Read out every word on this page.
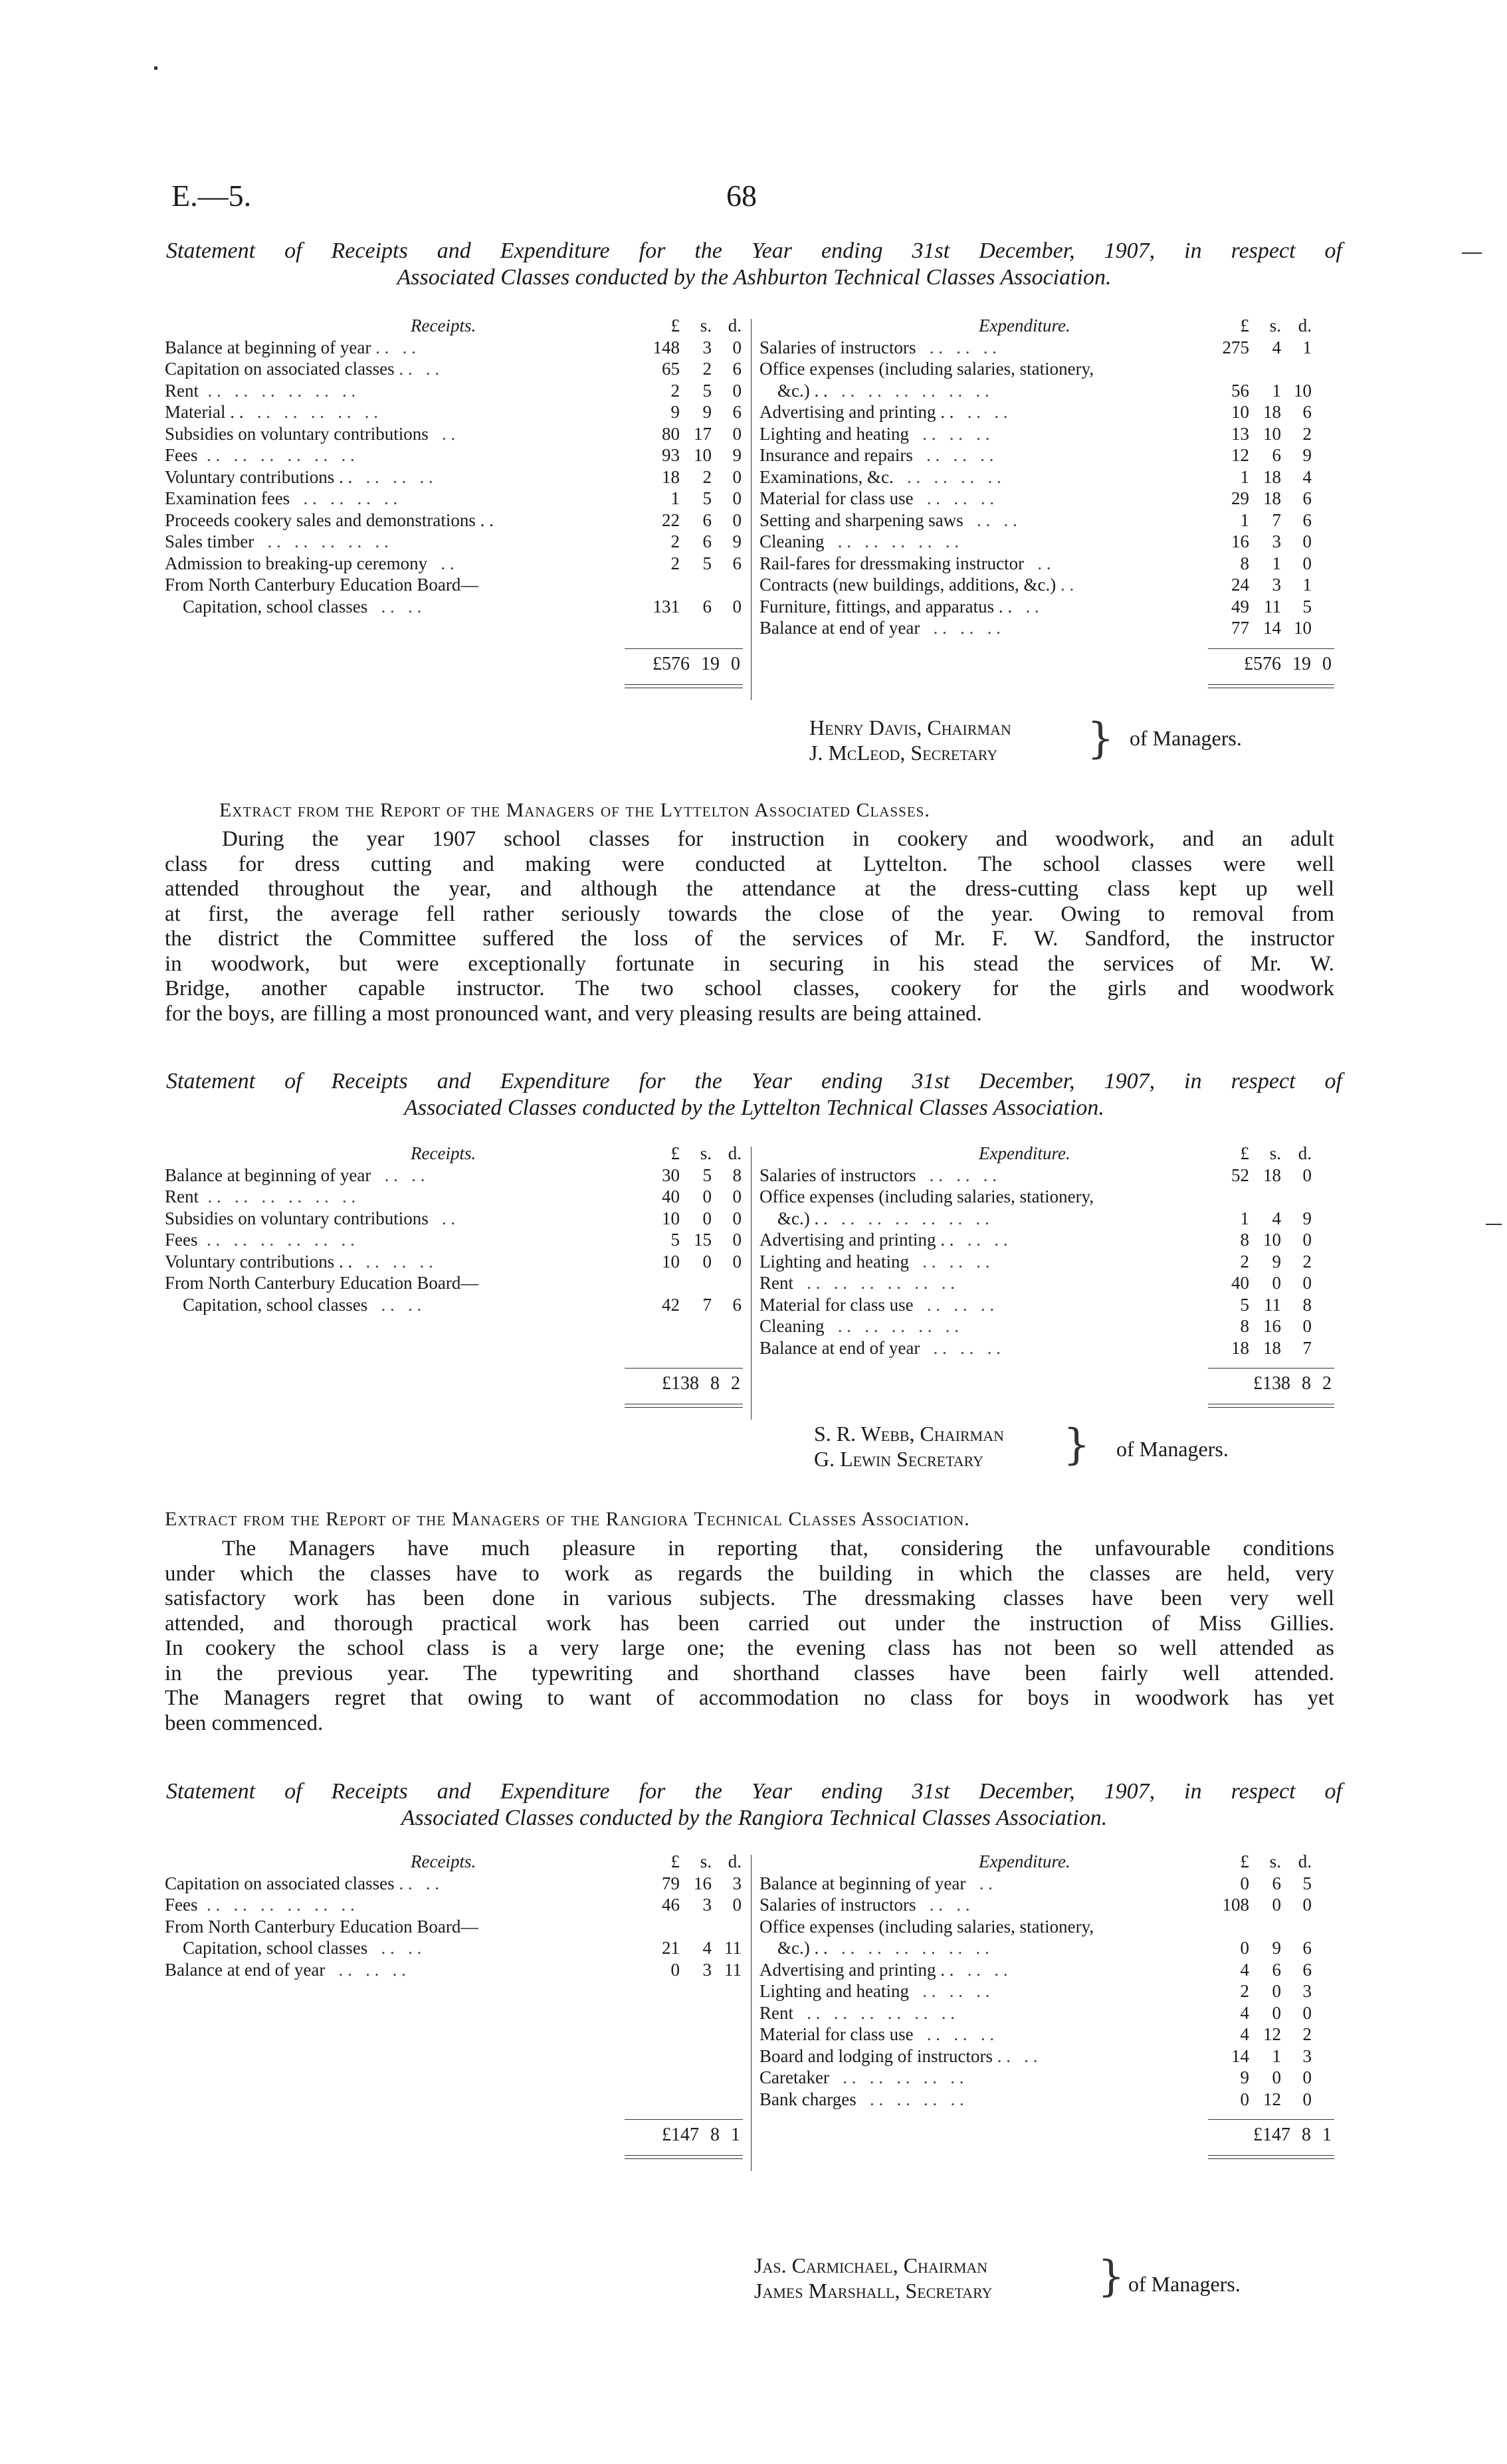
E.—5.	68
Statement of Receipts and Expenditure for the Year ending 31st December, 1907, in respect of
Associated Classes conducted by the Ashburton Technical Classes Association.
Receipts.	£ s. d.
Balance at beginning of year . .   . .	148 3 0
Capitation on associated classes . .   . .	65 2 6
Rent  . .   . .   . .   . .   . .   . .	2 5 0
Material . .   . .   . .   . .   . .   . .	9 9 6
Subsidies on voluntary contributions   . .	80 17 0
Fees  . .   . .   . .   . .   . .   . .	93 10 9
Voluntary contributions . .   . .   . .   . .	18 2 0
Examination fees   . .   . .   . .   . .	1 5 0
Proceeds cookery sales and demonstrations . .	22 6 0
Sales timber   . .   . .   . .   . .   . .	2 6 9
Admission to breaking-up ceremony   . .	2 5 6
From North Canterbury Education Board—
 Capitation, school classes   . .   . .	131 6 0
Expenditure.	£ s. d.
Salaries of instructors   . .   . .   . .	275 4 1
Office expenses (including salaries, stationery,
 &c.) . .   . .   . .   . .   . .   . .   . .	56 1 10
Advertising and printing . .   . .   . .	10 18 6
Lighting and heating   . .   . .   . .	13 10 2
Insurance and repairs   . .   . .   . .	12 6 9
Examinations, &c.   . .   . .   . .   . .	1 18 4
Material for class use   . .   . .   . .	29 18 6
Setting and sharpening saws   . .   . .	1 7 6
Cleaning   . .   . .   . .   . .   . .	16 3 0
Rail-fares for dressmaking instructor   . .	8 1 0
Contracts (new buildings, additions, &c.) . .	24 3 1
Furniture, fittings, and apparatus . .   . .	49 11 5
Balance at end of year   . .   . .   . .	77 14 10
£576 19 0	£576 19 0
Henry Davis, Chairman
J. McLeod, Secretary } of Managers.
Extract from the Report of the Managers of the Lyttelton Associated Classes.
During the year 1907 school classes for instruction in cookery and woodwork, and an adult
class for dress cutting and making were conducted at Lyttelton. The school classes were well
attended throughout the year, and although the attendance at the dress-cutting class kept up well
at first, the average fell rather seriously towards the close of the year. Owing to removal from
the district the Committee suffered the loss of the services of Mr. F. W. Sandford, the instructor
in woodwork, but were exceptionally fortunate in securing in his stead the services of Mr. W.
Bridge, another capable instructor. The two school classes, cookery for the girls and woodwork
for the boys, are filling a most pronounced want, and very pleasing results are being attained.
Statement of Receipts and Expenditure for the Year ending 31st December, 1907, in respect of
Associated Classes conducted by the Lyttelton Technical Classes Association.
Receipts.	£ s. d.
Balance at beginning of year   . .   . .	30 5 8
Rent  . .   . .   . .   . .   . .   . .	40 0 0
Subsidies on voluntary contributions   . .	10 0 0
Fees  . .   . .   . .   . .   . .   . .	5 15 0
Voluntary contributions . .   . .   . .   . .	10 0 0
From North Canterbury Education Board—
 Capitation, school classes   . .   . .	42 7 6
Expenditure.	£ s. d.
Salaries of instructors   . .   . .   . .	52 18 0
Office expenses (including salaries, stationery,
 &c.) . .   . .   . .   . .   . .   . .   . .	1 4 9
Advertising and printing . .   . .   . .	8 10 0
Lighting and heating   . .   . .   . .	2 9 2
Rent   . .   . .   . .   . .   . .   . .	40 0 0
Material for class use   . .   . .   . .	5 11 8
Cleaning   . .   . .   . .   . .   . .	8 16 0
Balance at end of year   . .   . .   . .	18 18 7
£138 8 2	£138 8 2
S. R. Webb, Chairman
G. Lewin Secretary } of Managers.
Extract from the Report of the Managers of the Rangiora Technical Classes Association.
The Managers have much pleasure in reporting that, considering the unfavourable conditions
under which the classes have to work as regards the building in which the classes are held, very
satisfactory work has been done in various subjects. The dressmaking classes have been very well
attended, and thorough practical work has been carried out under the instruction of Miss Gillies.
In cookery the school class is a very large one; the evening class has not been so well attended as
in the previous year. The typewriting and shorthand classes have been fairly well attended.
The Managers regret that owing to want of accommodation no class for boys in woodwork has yet
been commenced.
Statement of Receipts and Expenditure for the Year ending 31st December, 1907, in respect of
Associated Classes conducted by the Rangiora Technical Classes Association.
Receipts.	£ s. d.
Capitation on associated classes . .   . .	79 16 3
Fees  . .   . .   . .   . .   . .   . .	46 3 0
From North Canterbury Education Board—
 Capitation, school classes   . .   . .	21 4 11
Balance at end of year   . .   . .   . .	0 3 11
Expenditure.	£ s. d.
Balance at beginning of year   . .	0 6 5
Salaries of instructors   . .   . .	108 0 0
Office expenses (including salaries, stationery,
 &c.) . .   . .   . .   . .   . .   . .   . .	0 9 6
Advertising and printing . .   . .   . .	4 6 6
Lighting and heating   . .   . .   . .	2 0 3
Rent   . .   . .   . .   . .   . .   . .	4 0 0
Material for class use   . .   . .   . .	4 12 2
Board and lodging of instructors . .   . .	14 1 3
Caretaker   . .   . .   . .   . .   . .	9 0 0
Bank charges   . .   . .   . .   . .	0 12 0
£147 8 1	£147 8 1
Jas. Carmichael, Chairman
James Marshall, Secretary } of Managers.
